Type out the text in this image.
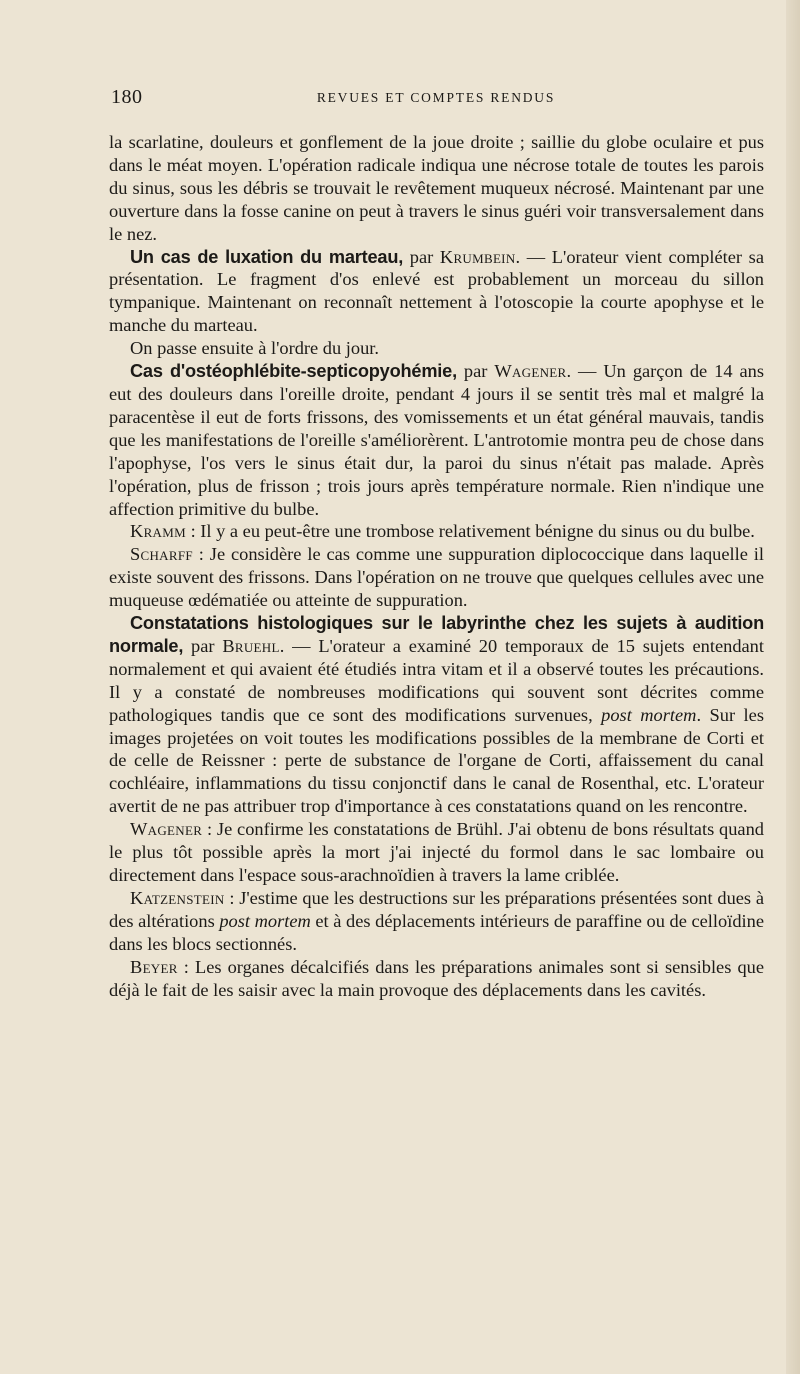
180	REVUES ET COMPTES RENDUS

la scarlatine, douleurs et gonflement de la joue droite ; saillie du globe oculaire et pus dans le méat moyen. L'opération radicale indiqua une nécrose totale de toutes les parois du sinus, sous les débris se trouvait le revêtement muqueux nécrosé. Maintenant par une ouverture dans la fosse canine on peut à travers le sinus guéri voir transversalement dans le nez.

Un cas de luxation du marteau, par Krumbein. — L'orateur vient compléter sa présentation. Le fragment d'os enlevé est probablement un morceau du sillon tympanique. Maintenant on reconnaît nettement à l'otoscopie la courte apophyse et le manche du marteau.

On passe ensuite à l'ordre du jour.

Cas d'ostéophlébite-septicopyohémie, par Wagener. — Un garçon de 14 ans eut des douleurs dans l'oreille droite, pendant 4 jours il se sentit très mal et malgré la paracentèse il eut de forts frissons, des vomissements et un état général mauvais, tandis que les manifestations de l'oreille s'améliorèrent. L'antrotomie montra peu de chose dans l'apophyse, l'os vers le sinus était dur, la paroi du sinus n'était pas malade. Après l'opération, plus de frisson ; trois jours après température normale. Rien n'indique une affection primitive du bulbe.

Kramm : Il y a eu peut-être une trombose relativement bénigne du sinus ou du bulbe.

Scharff : Je considère le cas comme une suppuration diplococcique dans laquelle il existe souvent des frissons. Dans l'opération on ne trouve que quelques cellules avec une muqueuse œdématiée ou atteinte de suppuration.

Constatations histologiques sur le labyrinthe chez les sujets à audition normale, par Bruehl. — L'orateur a examiné 20 temporaux de 15 sujets entendant normalement et qui avaient été étudiés intra vitam et il a observé toutes les précautions. Il y a constaté de nombreuses modifications qui souvent sont décrites comme pathologiques tandis que ce sont des modifications survenues, post mortem. Sur les images projetées on voit toutes les modifications possibles de la membrane de Corti et de celle de Reissner : perte de substance de l'organe de Corti, affaissement du canal cochléaire, inflammations du tissu conjonctif dans le canal de Rosenthal, etc. L'orateur avertit de ne pas attribuer trop d'importance à ces constatations quand on les rencontre.

Wagener : Je confirme les constatations de Brühl. J'ai obtenu de bons résultats quand le plus tôt possible après la mort j'ai injecté du formol dans le sac lombaire ou directement dans l'espace sous-arachnoïdien à travers la lame criblée.

Katzenstein : J'estime que les destructions sur les préparations présentées sont dues à des altérations post mortem et à des déplacements intérieurs de paraffine ou de celloïdine dans les blocs sectionnés.

Beyer : Les organes décalcifiés dans les préparations animales sont si sensibles que déjà le fait de les saisir avec la main provoque des déplacements dans les cavités.
